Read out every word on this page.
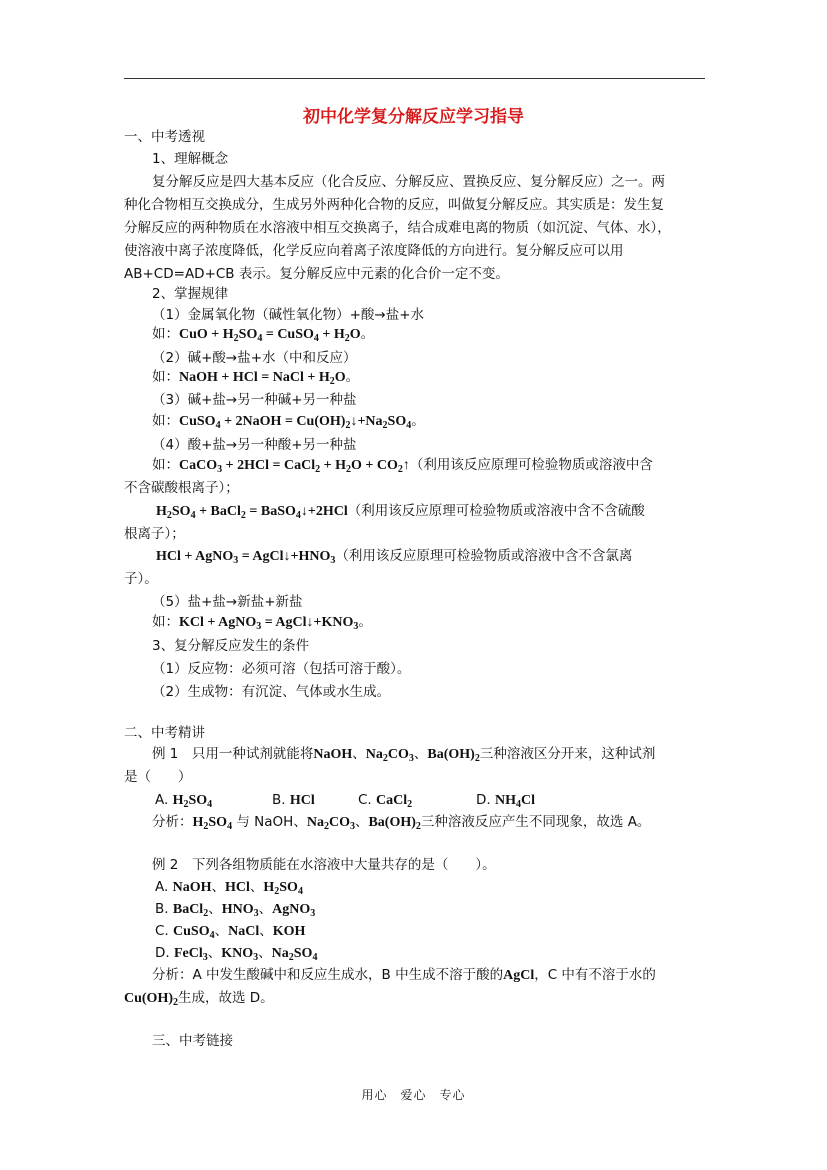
初中化学复分解反应学习指导
一、中考透视
1、理解概念
复分解反应是四大基本反应（化合反应、分解反应、置换反应、复分解反应）之一。两
种化合物相互交换成分，生成另外两种化合物的反应，叫做复分解反应。其实质是：发生复
分解反应的两种物质在水溶液中相互交换离子，结合成难电离的物质（如沉淀、气体、水），
使溶液中离子浓度降低，化学反应向着离子浓度降低的方向进行。复分解反应可以用
AB+CD=AD+CB 表示。复分解反应中元素的化合价一定不变。
2、掌握规律
（1）金属氧化物（碱性氧化物）+酸→盐+水
如：CuO + $H_2SO_4$ = CuSO$_4$ + $H_2O$。
（2）碱+酸→盐+水（中和反应）
如：NaOH + HCl = NaCl + $H_2O$。
（3）碱+盐→另一种碱+另一种盐
如：CuSO$_4$ + 2NaOH = $Cu(OH)_2↓+Na_2SO_4$。
（4）酸+盐→另一种酸+另一种盐
如：CaCO$_3$ + 2HCl = CaCl$_2$ + $H_2O$ + $CO_2↑$（利用该反应原理可检验物质或溶液中含
不含碳酸根离子）；
$H_2SO_4$ + BaCl$_2$ = BaSO$_4$↓+2HCl（利用该反应原理可检验物质或溶液中含不含硫酸
根离子）；
HCl + AgNO$_3$ = $AgCl↓+HNO_3$（利用该反应原理可检验物质或溶液中含不含氯离
子）。
（5）盐+盐→新盐+新盐
如：KCl + AgNO$_3$ = $AgCl↓+KNO_3$。
3、复分解反应发生的条件
（1）反应物：必须可溶（包括可溶于酸）。
（2）生成物：有沉淀、气体或水生成。
二、中考精讲
例 1　只用一种试剂就能将NaOH、$Na_2CO_3$、$Ba(OH)_2$三种溶液区分开来，这种试剂
是（　　）
A. $H_2SO_4$	B. HCl	C. CaCl$_2$	D. $NH_4Cl$
分析：$H_2SO_4$ 与 NaOH、$Na_2CO_3$、$Ba(OH)_2$三种溶液反应产生不同现象，故选 A。
例 2　下列各组物质能在水溶液中大量共存的是（　　）。
A. NaOH、HCl、$H_2SO_4$
B. BaCl$_2$、$HNO_3$、AgNO$_3$
C. CuSO$_4$、NaCl、KOH
D. FeCl$_3$、$KNO_3$、$Na_2SO_4$
分析：A 中发生酸碱中和反应生成水，B 中生成不溶于酸的AgCl，C 中有不溶于水的
$Cu(OH)_2$生成，故选 D。
三、中考链接
用心　爱心　专心
